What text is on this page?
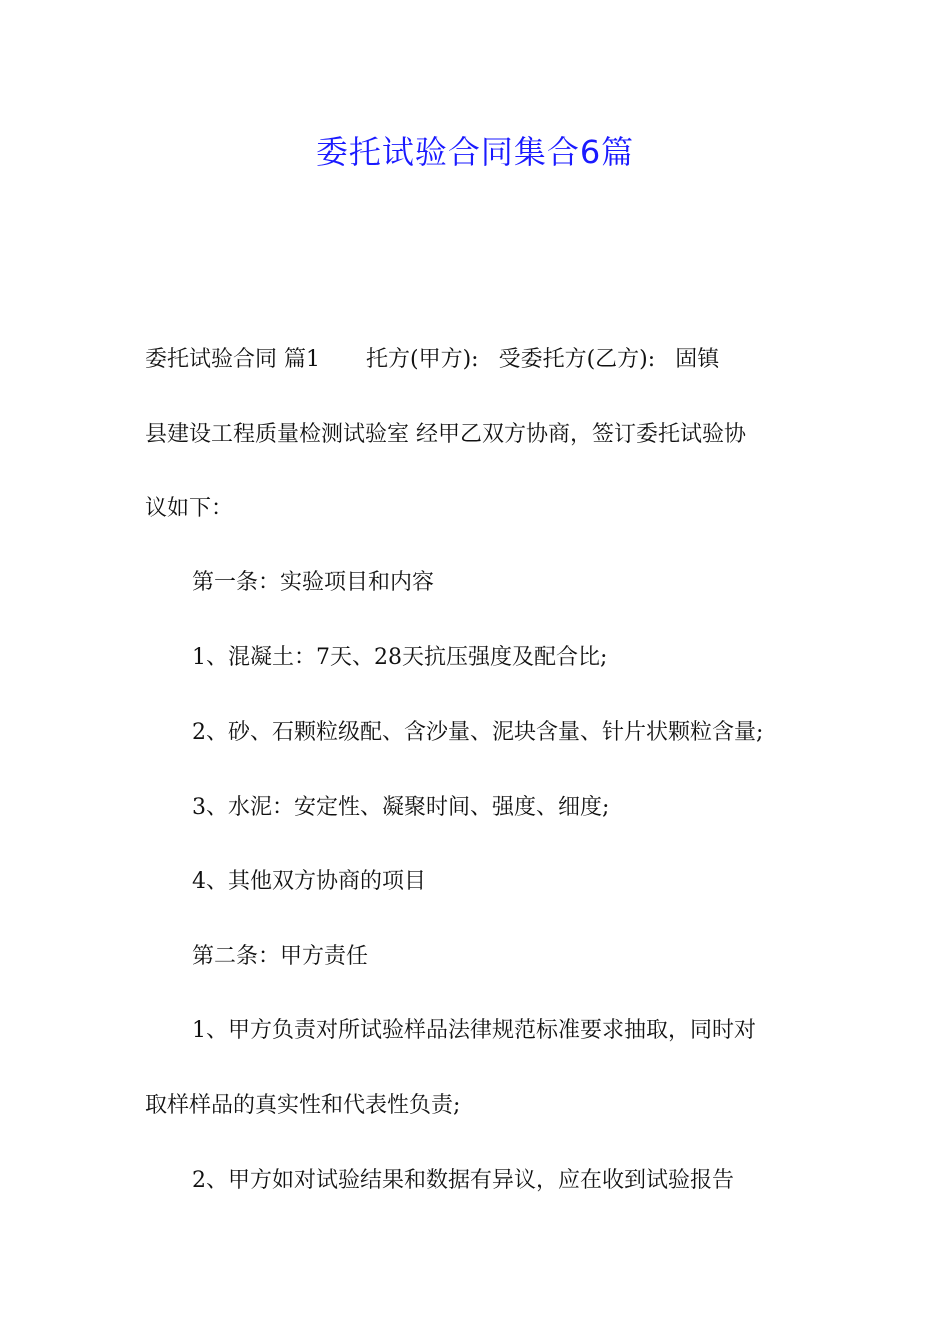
委托试验合同集合6篇

委托试验合同 篇1 托方(甲方): 受委托方(乙方): 固镇

县建设工程质量检测试验室 经甲乙双方协商，签订委托试验协

议如下：

第一条：实验项目和内容

1、混凝土：7天、28天抗压强度及配合比;

2、砂、石颗粒级配、含沙量、泥块含量、针片状颗粒含量;

3、水泥：安定性、凝聚时间、强度、细度;

4、其他双方协商的项目

第二条：甲方责任

1、甲方负责对所试验样品法律规范标准要求抽取，同时对

取样样品的真实性和代表性负责;

2、甲方如对试验结果和数据有异议，应在收到试验报告
